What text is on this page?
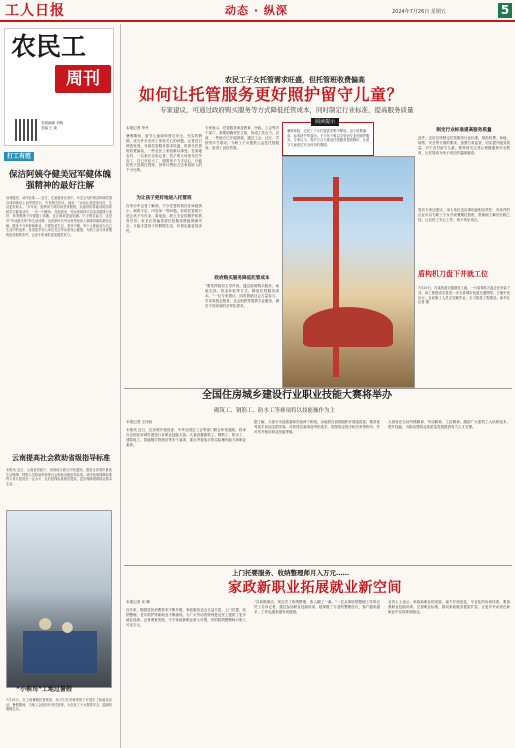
工人日报	动态 · 纵深	2024年7月26日 星期五	5
农民工
周刊
本版编辑 刘萌
美编 王 新
打工有范
保洁阿姨夺健美冠军健体魄强精神的最好注解
身材健美，动作标准……近日，在某健身比赛中，年近五旬的保洁阿姨凭借自律训练站上冠军领奖台，引发网友热议。她说：“运动让我更加自信，生活更有盼头。”多年来，她利用下班时间坚持锻炼，从最初的体能训练到系统学习健美动作，一步一个脚印。在她看来，劳动者同样可以追求健康与美好，体育锻炼不仅强健了体魄，也让精神更加饱满。不少网友留言：这是对“劳动最光荣”的生动诠释，也是新时代劳动者昂扬向上精神风貌的最好注解。健身不分年龄和职业，只要热爱生活、坚持不懈，每个人都能成为自己生活中的冠军。希望更多用人单位关注劳动者身心健康，为职工参与体育锻炼创造便利条件，让奋斗的身影更加健美有力。
云南提高社会救助省级指导标准
本报讯 近日，云南省民政厅、省财政厅联合印发通知，提高全省城乡最低生活保障、特困人员救助供养等社会救助省级指导标准。城市低保保障标准每人每月提高至一定水平，农村低保标准相应提高，更好保障困难群众基本生活。
“小候鸟”工地过暑假
7月25日，在工地暑期托管班里，孩子们在老师带领下开展手工和阅读活动。暑假期间，当地工会组织开设托管班，为农民工子女提供安全、温暖的假期生活。
农民工子女托管需求旺盛，但托管班收费偏高
如何让托管服务更好照护留守儿童？
专家建议，可通过政府购买服务等方式降低托管成本，同时制定行业标准，提高服务质量
本报记者 李丹
暑假期间，留守儿童如何度过安全、充实的假期，成为许多农民工家庭关心的问题。记者近日调查发现，各地托管服务需求旺盛，但部分托管班收费偏高，一些农民工家庭难以承受。在某地农村，一名家长告诉记者，孩子的父母常年在外务工，自己年纪大了，照看孩子力不从心，只能把孩子送到托管班，但每月费用占去家庭收入的不小比例。
为让孩子更好地进入托管班
在采访中记者了解到，不少托管机构存在场地狭小、师资不足、内容单一等问题。有的托管班只是让孩子写作业、看电视，缺乏专业的照护和教育引导。家长们普遍希望托管服务既能保障安全，又能丰富孩子的假期生活，价格也能更加亲民。
专家表示，托管服务涉及教育、民政、工会等多个部门，需要明确责任主体，形成工作合力。目前，一些地方已开展探索，通过工会、社区、学校等多方联动，为职工子女提供公益性托管服务，取得了良好效果。
政府购买服务降低托管成本
“要发挥政府主导作用，通过政府购买服务、场地支持、资金补贴等方式，降低托管服务成本。”一位专家建议，同时鼓励社会力量参与，引导高校志愿者、社会组织等提供专业服务，满足不同家庭的多样化需求。
阅读提示
暑假来临，农民工子女托管需求集中释放。由于收费偏高、标准缺失等原因，不少孩子难以享受到专业的照护服务。专家认为，需多方合力推动托管服务提质降价，让留守儿童度过安全快乐的假期。
制定行业标准提高服务质量
此外，还应尽快制定托管服务行业标准，规范收费、场地、师资、安全等方面的要求，加强日常监管，切实提升服务质量。对于农村留守儿童，要特别关注其心理健康和安全教育，让托管成为孩子成长的温暖港湾。
受访专家还建议，用人单位也应承担起相应责任，有条件的企业可以为职工子女开设暑期托管班，帮助职工解决后顾之忧，让农民工安心工作、孩子快乐成长。
盾构机刀盘下井就工位
7月25日，在某轨道交通建设工地，一台盾构机刀盘正在吊装下井。该工程建成后将进一步完善城市轨道交通网络，方便市民出行。目前施工人员正加紧作业，全力推进工程建设。新华社记者 摄
全国住房城乡建设行业职业技能大赛将举办
砌筑工、钢筋工、防水工等赛项将以技能操作为主
本报记者 王伟伟
本报讯 近日，住房城乡建设部、中华全国总工会等部门联合印发通知，将举办全国住房城乡建设行业职业技能大赛。大赛设置砌筑工、钢筋工、防水工、建筑电工、智能楼宇管理员等多个赛项，重点考查选手的实际操作能力和职业素养。
据了解，大赛分为选拔赛和决赛两个阶段。各地将在前期组织开展选拔赛，推荐优秀选手参加全国决赛。对获得各赛项前列的选手，将按规定授予相关荣誉称号，并可晋升相应职业技能等级。
大赛旨在弘扬劳模精神、劳动精神、工匠精神，激励广大建筑工人钻研技术、提升技能，为推动建筑业高质量发展提供有力人才支撑。
上门托婴服务、收纳整理师月入万元……
家政新职业拓展就业新空间
本报记者 宋 琳
近年来，随着居民消费需求不断升级，家政服务业态日益丰富，上门托婴、收纳整理、老年陪护等新职业不断涌现，为广大劳动者特别是农民工提供了更多就业选择。记者调查发现，不少家政新职业收入可观，有的收纳整理师月收入可达万元。
“以前做保洁，现在学了收纳整理，收入翻了一番。”一位从事收纳整理工作的农民工告诉记者，通过参加职业技能培训，她掌握了专业的整理技巧，客户越来越多，工作也越来越有成就感。
业内人士表示，家政新职业的发展，离不开规范化、专业化的培训体系。要加强职业技能培训，完善职业标准，推动家政服务提质扩容，让更多劳动者在新职业中实现体面就业。
